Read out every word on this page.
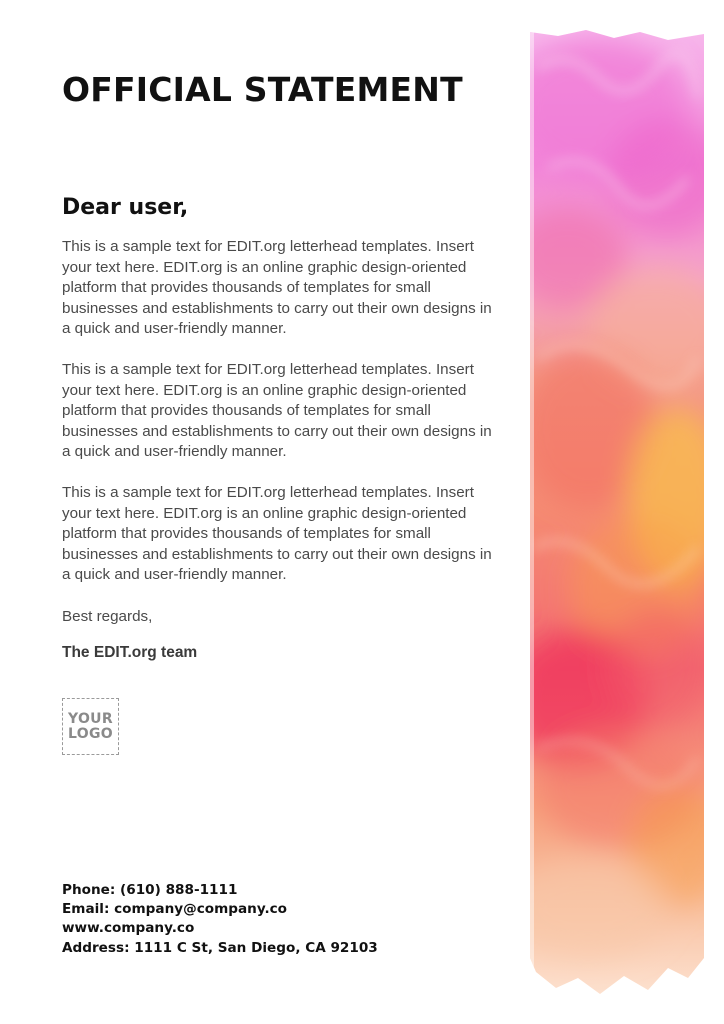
OFFICIAL STATEMENT
Dear user,

This is a sample text for EDIT.org letterhead templates. Insert your text here. EDIT.org is an online graphic design-oriented platform that provides thousands of templates for small businesses and establishments to carry out their own designs in a quick and user-friendly manner.

This is a sample text for EDIT.org letterhead templates. Insert your text here. EDIT.org is an online graphic design-oriented platform that provides thousands of templates for small businesses and establishments to carry out their own designs in a quick and user-friendly manner.

This is a sample text for EDIT.org letterhead templates. Insert your text here. EDIT.org is an online graphic design-oriented platform that provides thousands of templates for small businesses and establishments to carry out their own designs in a quick and user-friendly manner.

Best regards,

The EDIT.org team

YOUR
LOGO
Phone: (610) 888-1111
Email: company@company.co
www.company.co
Address: 1111 C St, San Diego, CA 92103
